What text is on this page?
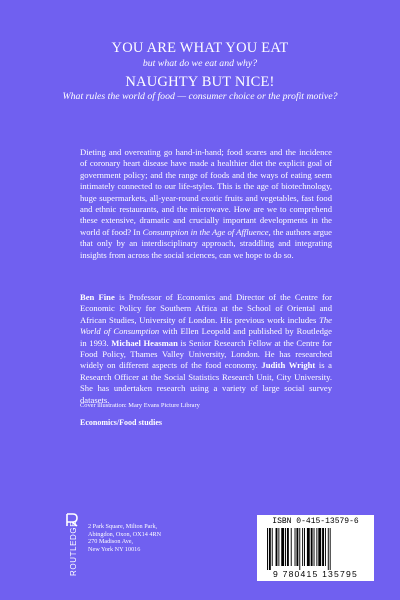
YOU ARE WHAT YOU EAT
but what do we eat and why?
NAUGHTY BUT NICE!
What rules the world of food — consumer choice or the profit motive?
Dieting and overeating go hand-in-hand; food scares and the incidence of coronary heart disease have made a healthier diet the explicit goal of government policy; and the range of foods and the ways of eating seem intimately connected to our life-styles. This is the age of biotechnology, huge supermarkets, all-year-round exotic fruits and vegetables, fast food and ethnic restaurants, and the microwave. How are we to comprehend these extensive, dramatic and crucially important developments in the world of food? In Consumption in the Age of Affluence, the authors argue that only by an interdisciplinary approach, straddling and integrating insights from across the social sciences, can we hope to do so.
Ben Fine is Professor of Economics and Director of the Centre for Economic Policy for Southern Africa at the School of Oriental and African Studies, University of London. His previous work includes The World of Consumption with Ellen Leopold and published by Routledge in 1993. Michael Heasman is Senior Research Fellow at the Centre for Food Policy, Thames Valley University, London. He has researched widely on different aspects of the food economy. Judith Wright is a Research Officer at the Social Statistics Research Unit, City University. She has undertaken research using a variety of large social survey datasets.
Cover illustration: Mary Evans Picture Library
Economics/Food studies
ROUTLEDGE 2 Park Square, Milton Park,
Abingdon, Oxon, OX14 4RN
270 Madison Ave,
New York NY 10016
ISBN 0-415-13579-6
9 780415 135795
